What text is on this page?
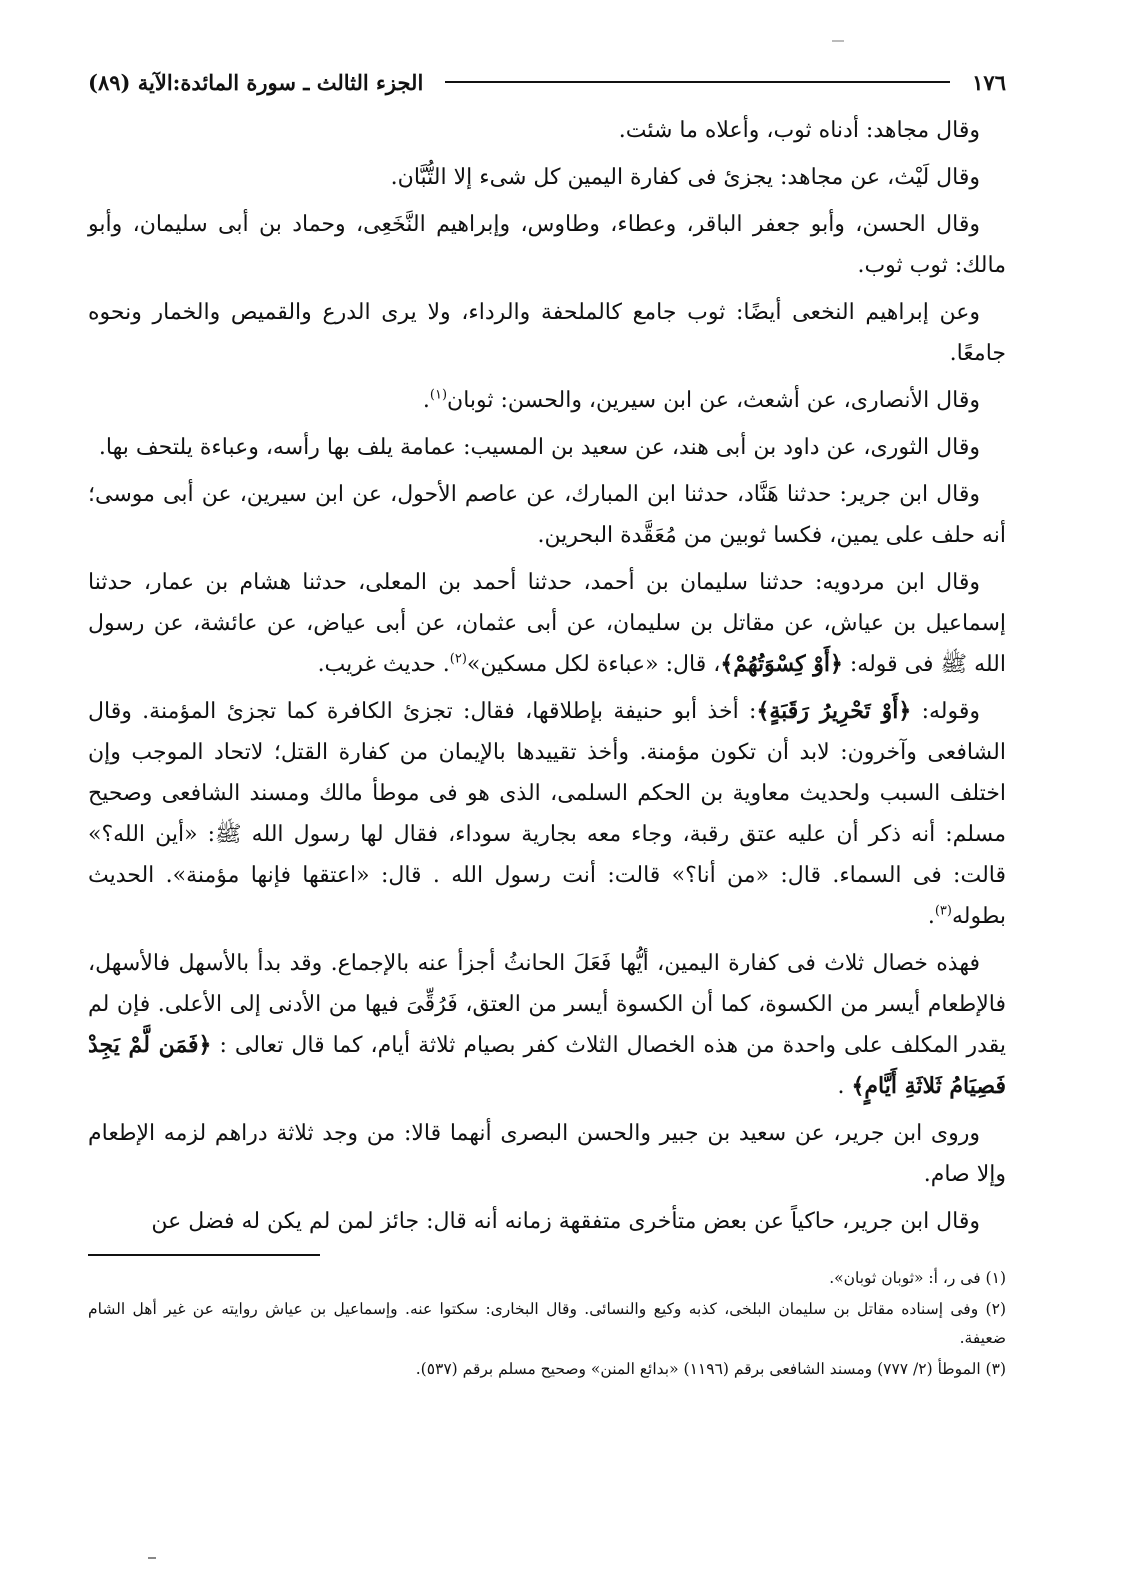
١٧٦
الجزء الثالث ـ سورة المائدة:الآية (٨٩)

وقال مجاهد: أدناه ثوب، وأعلاه ما شئت.

وقال لَيْث، عن مجاهد: يجزئ فى كفارة اليمين كل شىء إلا التُّبَّان.

وقال الحسن، وأبو جعفر الباقر، وعطاء، وطاوس، وإبراهيم النَّخَعِى، وحماد بن أبى سليمان، وأبو مالك: ثوب ثوب.

وعن إبراهيم النخعى أيضًا: ثوب جامع كالملحفة والرداء، ولا يرى الدرع والقميص والخمار ونحوه جامعًا.

وقال الأنصارى، عن أشعث، عن ابن سيرين، والحسن: ثوبان$^{(١)}$.

وقال الثورى، عن داود بن أبى هند، عن سعيد بن المسيب: عمامة يلف بها رأسه، وعباءة يلتحف بها.

وقال ابن جرير: حدثنا هَنَّاد، حدثنا ابن المبارك، عن عاصم الأحول، عن ابن سيرين، عن أبى موسى؛ أنه حلف على يمين، فكسا ثوبين من مُعَقَّدة البحرين.

وقال ابن مردويه: حدثنا سليمان بن أحمد، حدثنا أحمد بن المعلى، حدثنا هشام بن عمار، حدثنا إسماعيل بن عياش، عن مقاتل بن سليمان، عن أبى عثمان، عن أبى عياض، عن عائشة، عن رسول الله ﷺ فى قوله: ﴿أَوْ كِسْوَتُهُمْ﴾، قال: «عباءة لكل مسكين»$^{(٢)}$. حديث غريب.

وقوله: ﴿أَوْ تَحْرِيرُ رَقَبَةٍ﴾: أخذ أبو حنيفة بإطلاقها، فقال: تجزئ الكافرة كما تجزئ المؤمنة. وقال الشافعى وآخرون: لابد أن تكون مؤمنة. وأخذ تقييدها بالإيمان من كفارة القتل؛ لاتحاد الموجب وإن اختلف السبب ولحديث معاوية بن الحكم السلمى، الذى هو فى موطأ مالك ومسند الشافعى وصحيح مسلم: أنه ذكر أن عليه عتق رقبة، وجاء معه بجارية سوداء، فقال لها رسول الله ﷺ: «أين الله؟» قالت: فى السماء. قال: «من أنا؟» قالت: أنت رسول الله . قال: «اعتقها فإنها مؤمنة». الحديث بطوله$^{(٣)}$.

فهذه خصال ثلاث فى كفارة اليمين، أيُّها فَعَلَ الحانثُ أجزأ عنه بالإجماع. وقد بدأ بالأسهل فالأسهل، فالإطعام أيسر من الكسوة، كما أن الكسوة أيسر من العتق، فَرُقِّىَ فيها من الأدنى إلى الأعلى. فإن لم يقدر المكلف على واحدة من هذه الخصال الثلاث كفر بصيام ثلاثة أيام، كما قال تعالى : ﴿فَمَن لَّمْ يَجِدْ فَصِيَامُ ثَلاثَةِ أَيَّامٍ﴾ .

وروى ابن جرير، عن سعيد بن جبير والحسن البصرى أنهما قالا: من وجد ثلاثة دراهم لزمه الإطعام وإلا صام.

وقال ابن جرير، حاكياً عن بعض متأخرى متفقهة زمانه أنه قال: جائز لمن لم يكن له فضل عن

(١) فى ر، أ: «ثوبان ثوبان».

(٢) وفى إسناده مقاتل بن سليمان البلخى، كذبه وكيع والنسائى. وقال البخارى: سكتوا عنه. وإسماعيل بن عياش روايته عن غير أهل الشام ضعيفة.

(٣) الموطأ (٢/ ٧٧٧) ومسند الشافعى برقم (١١٩٦) «بدائع المنن» وصحيح مسلم برقم (٥٣٧).
